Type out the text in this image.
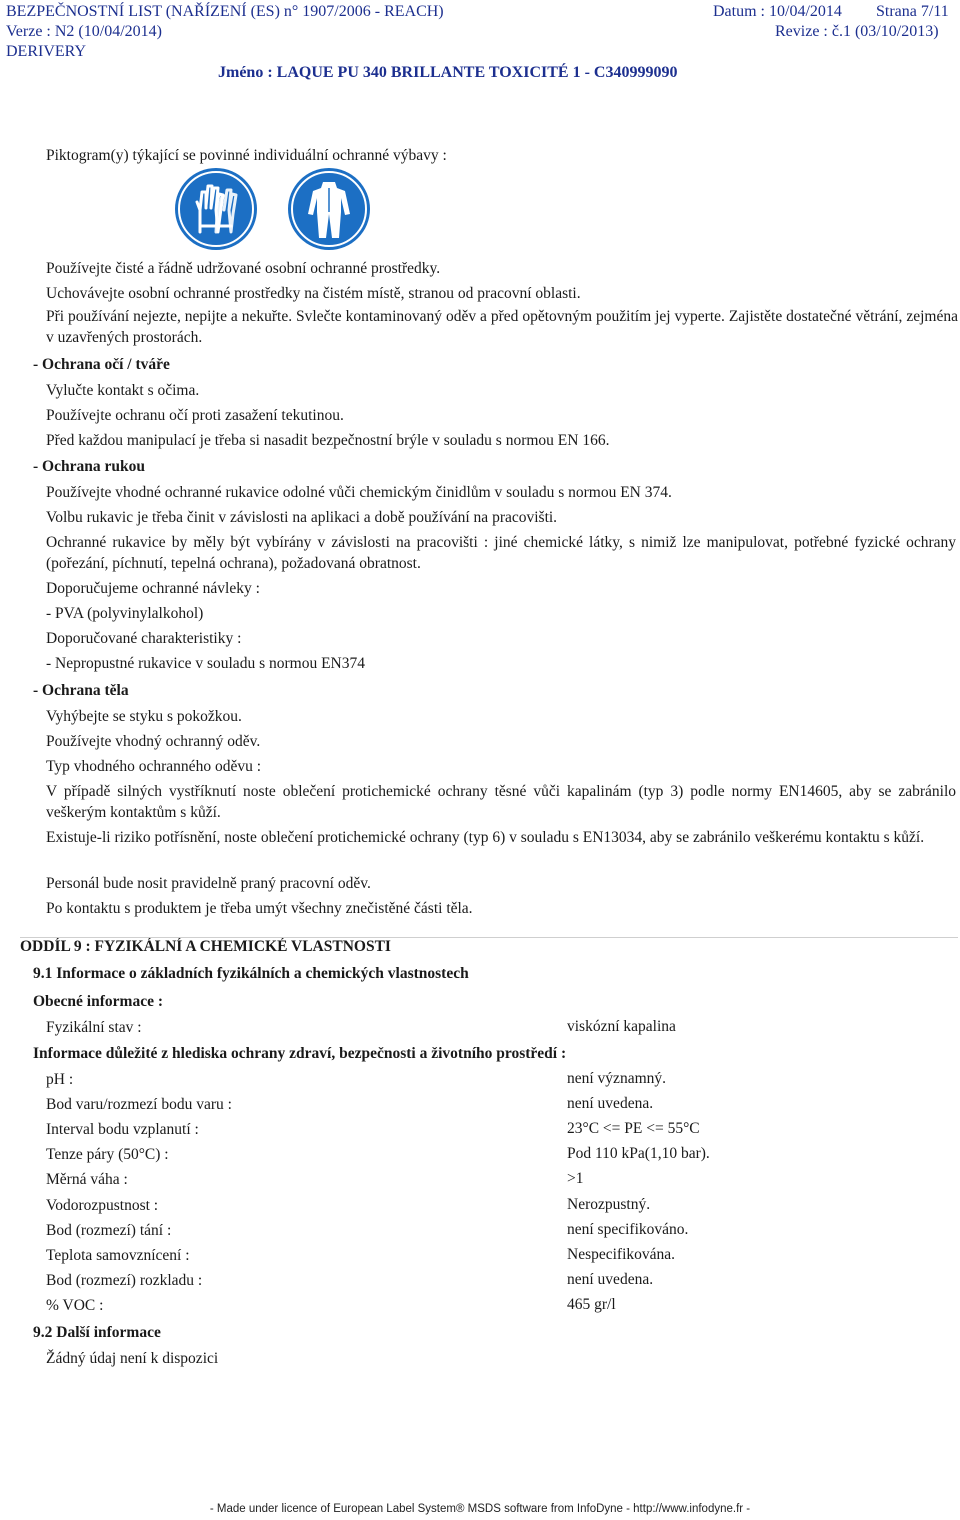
BEZPEČNOSTNÍ LIST (NAŘÍZENÍ (ES) n° 1907/2006 - REACH)	Datum : 10/04/2014 Strana 7/11
Verze : N2 (10/04/2014)	Revize : č.1 (03/10/2013)
DERIVERY
Jméno : LAQUE PU 340 BRILLANTE TOXICITÉ 1 - C340999090
Piktogram(y) týkající se povinné individuální ochranné výbavy :
Používejte čisté a řádně udržované osobní ochranné prostředky.
Uchovávejte osobní ochranné prostředky na čistém místě, stranou od pracovní oblasti.
Při používání nejezte, nepijte a nekuřte. Svlečte kontaminovaný oděv a před opětovným použitím jej vyperte. Zajistěte dostatečné větrání, zejména v uzavřených prostorách.
- Ochrana očí / tváře
Vylučte kontakt s očima.
Používejte ochranu očí proti zasažení tekutinou.
Před každou manipulací je třeba si nasadit bezpečnostní brýle v souladu s normou EN 166.
- Ochrana rukou
Používejte vhodné ochranné rukavice odolné vůči chemickým činidlům v souladu s normou EN 374.
Volbu rukavic je třeba činit v závislosti na aplikaci a době používání na pracovišti.
Ochranné rukavice by měly být vybírány v závislosti na pracovišti : jiné chemické látky, s nimiž lze manipulovat, potřebné fyzické ochrany (pořezání, píchnutí, tepelná ochrana), požadovaná obratnost.
Doporučujeme ochranné návleky :
- PVA (polyvinylalkohol)
Doporučované charakteristiky :
- Nepropustné rukavice v souladu s normou EN374
- Ochrana těla
Vyhýbejte se styku s pokožkou.
Používejte vhodný ochranný oděv.
Typ vhodného ochranného oděvu :
V případě silných vystříknutí noste oblečení protichemické ochrany těsné vůči kapalinám (typ 3) podle normy EN14605, aby se zabránilo veškerým kontaktům s kůží.
Existuje-li riziko potřísnění, noste oblečení protichemické ochrany (typ 6) v souladu s EN13034, aby se zabránilo veškerému kontaktu s kůží.
Personál bude nosit pravidelně praný pracovní oděv.
Po kontaktu s produktem je třeba umýt všechny znečistěné části těla.
ODDÍL 9 : FYZIKÁLNÍ A CHEMICKÉ VLASTNOSTI
9.1 Informace o základních fyzikálních a chemických vlastnostech
Obecné informace :
Fyzikální stav :	viskózní kapalina
Informace důležité z hlediska ochrany zdraví, bezpečnosti a životního prostředí :
pH :	není významný.
Bod varu/rozmezí bodu varu :	není uvedena.
Interval bodu vzplanutí :	23°C <= PE <= 55°C
Tenze páry (50°C) :	Pod 110 kPa(1,10 bar).
Měrná váha :	>1
Vodorozpustnost :	Nerozpustný.
Bod (rozmezí) tání :	není specifikováno.
Teplota samovznícení :	Nespecifikována.
Bod (rozmezí) rozkladu :	není uvedena.
% VOC :	465 gr/l
9.2 Další informace
Žádný údaj není k dispozici
- Made under licence of European Label System® MSDS software from InfoDyne - http://www.infodyne.fr -
